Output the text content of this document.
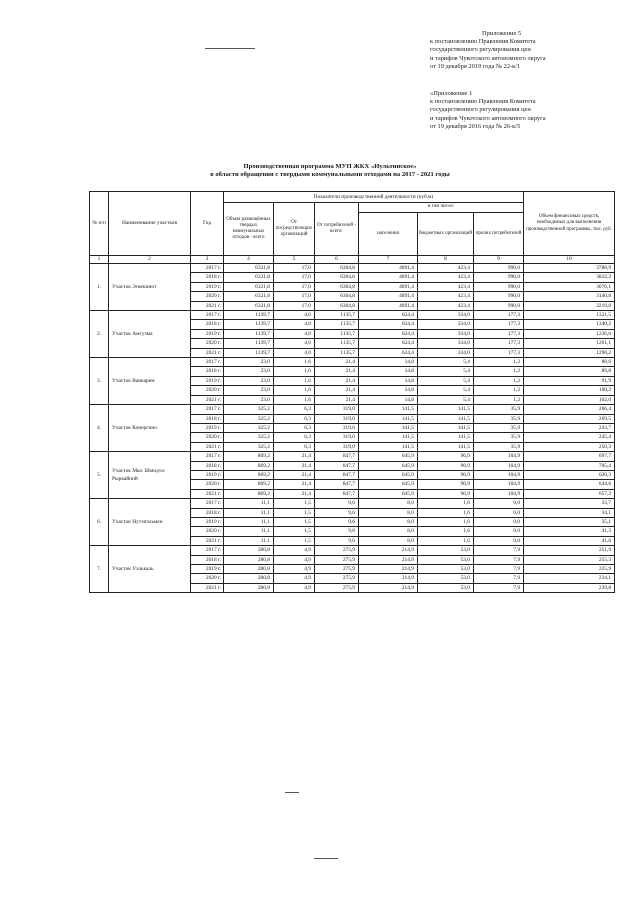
Приложение 5
к постановлению Правления Комитета
государственного регулирования цен
и тарифов Чукотского автономного округа
от 19 декабря 2019 года № 22-к/1
«Приложение 1
к постановлению Правления Комитета
государственного регулирования цен
и тарифов Чукотского автономного округа
от 19 декабря 2016 года № 26-к/5
Производственная программа МУП ЖКХ «Иультинское»
в области обращения с твердыми коммунальными отходами на 2017 - 2021 годы
№ п/п	Наименование участков	Год	Показатели производственной деятельности (куб.м)						Объем финансовых средств, необходимых для выполнения производственной программы, тыс. руб.
			Объем размещённых твердых коммунальных отходов - всего	От посредствующих организаций	От потребителей - всего:	в том числе:			
						населения	бюджетных организаций	прочих потребителей	
1	2	3	4	5	6	7	8	9	10
1.	Участок Эгвекинот	2017 г.	6321,8	17,0	6304,8	4891,4	423,4	990,0	3788,9
		2018 г.	6321,8	17,0	6304,8	4891,4	423,4	990,0	3832,2
		2019 г.	6321,8	17,0	6304,8	4891,4	423,4	990,0	3076,1
		2020 г.	6321,8	17,0	6304,8	4891,4	423,4	990,0	3140,8
		2021 г.	6321,8	17,0	6304,8	4891,4	423,4	990,0	3219,0
2.	Участок Амгуэма	2017 г.	1139,7	4,0	1135,7	624,4	334,0	177,3	1321,5
		2018 г.	1139,7	4,0	1135,7	624,4	334,0	177,3	1340,2
		2019 г.	1139,7	4,0	1135,7	624,4	334,0	177,3	1236,0
		2020 г.	1139,7	4,0	1135,7	624,4	334,0	177,3	1261,1
		2021 г.	1139,7	4,0	1135,7	624,4	334,0	177,3	1290,2
3.	Участок Ванкарем	2017 г.	23,0	1,6	21,4	14,8	5,4	1,2	88,6
		2018 г.	23,0	1,6	21,4	14,8	5,4	1,2	89,8
		2019 г.	23,0	1,6	21,4	14,8	5,4	1,2	91,9
		2020 г.	23,0	1,6	21,4	14,8	5,4	1,2	100,2
		2021 г.	23,0	1,6	21,4	14,8	5,4	1,2	102,0
4.	Участок Конергино	2017 г.	325,2	6,3	319,0	141,5	141,5	35,9	266,4
		2018 г.	325,2	6,3	319,0	141,5	141,5	35,9	269,5
		2019 г.	325,2	6,3	319,0	141,5	141,5	35,9	243,7
		2020 г.	325,2	6,3	319,0	141,5	141,5	35,9	245,4
		2021 г.	325,2	6,3	319,0	141,5	141,5	35,9	250,3
5.	Участок Мыс Шмидта-Рыркайпий	2017 г.	869,2	21,4	847,7	645,9	96,9	104,9	697,7
		2018 г.	869,2	21,4	847,7	645,9	96,9	104,9	705,4
		2019 г.	869,2	21,4	847,7	645,9	96,9	104,9	620,3
		2020 г.	869,2	21,4	847,7	645,9	96,9	104,9	644,6
		2021 г.	869,2	21,4	847,7	645,9	96,9	104,9	657,2
6.	Участок Нутэпэльмен	2017 г.	11,1	1,5	9,6	8,0	1,6	0,0	33,7
		2018 г.	11,1	1,5	9,6	8,0	1,6	0,0	34,1
		2019 г.	11,1	1,5	9,6	8,0	1,6	0,0	35,1
		2020 г.	11,1	1,5	9,6	8,0	1,6	0,0	41,3
		2021 г.	11,1	1,5	9,6	8,0	1,6	0,0	41,6
7.	Участок Уэлькаль	2017 г.	280,8	4,9	275,9	214,9	53,0	7,9	251,9
		2018 г.	280,8	4,9	275,9	214,9	53,0	7,9	255,3
		2019 г.	280,8	4,9	275,9	214,9	53,0	7,9	225,9
		2020 г.	280,8	4,9	275,9	214,9	53,0	7,9	234,1
		2021 г.	280,8	4,9	275,9	214,9	53,0	7,9	239,8
